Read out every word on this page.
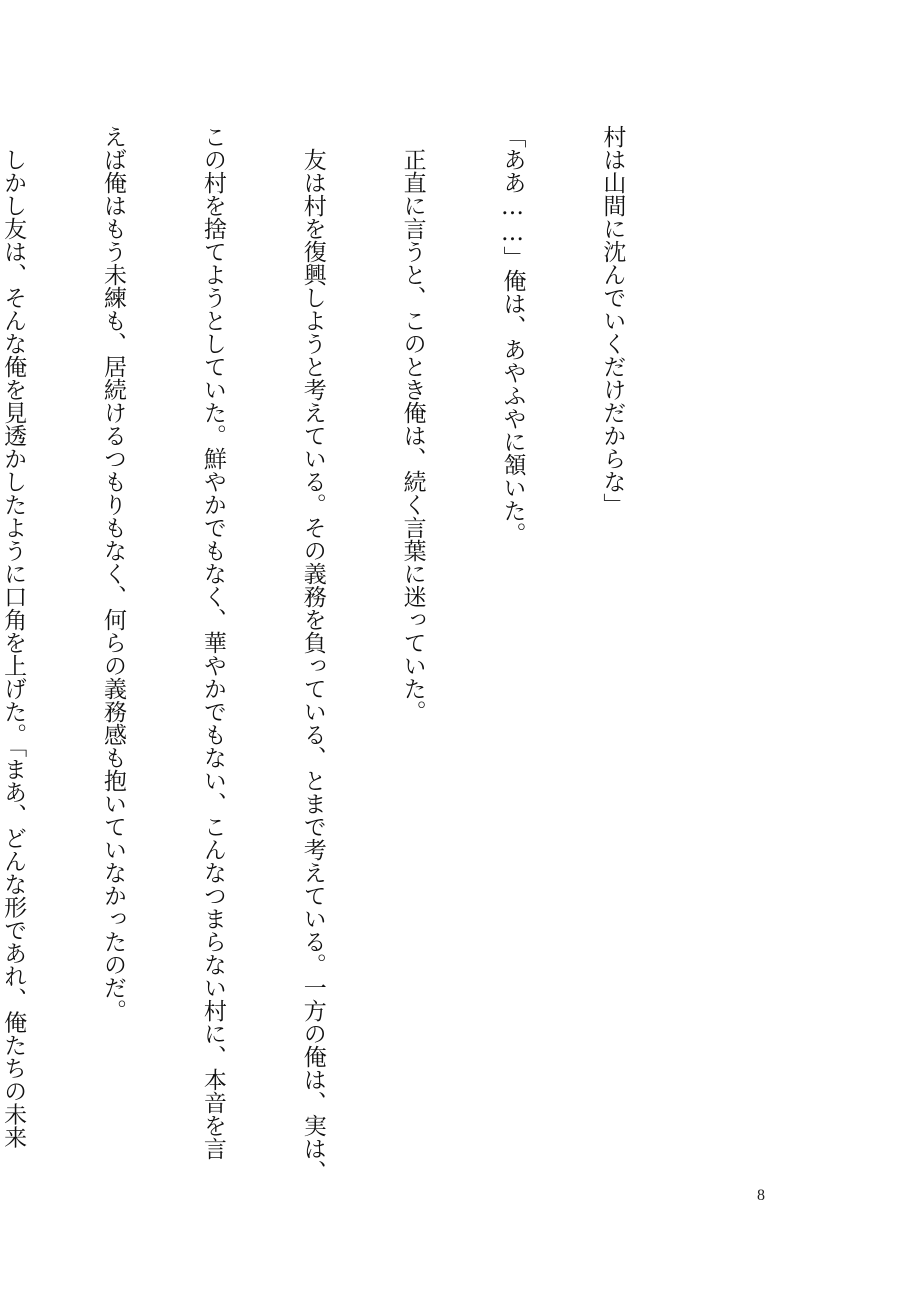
村は山間に沈んでいくだけだからな」

「ああ……」俺は、あやふやに頷いた。

　正直に言うと、このとき俺は、続く言葉に迷っていた。

　友は村を復興しようと考えている。その義務を負っている、とまで考えている。一方の俺は、実は、

この村を捨てようとしていた。鮮やかでもなく、華やかでもない、こんなつまらない村に、本音を言

えば俺はもう未練も、居続けるつもりもなく、何らの義務感も抱いていなかったのだ。

　しかし友は、そんな俺を見透かしたように口角を上げた。「まあ、どんな形であれ、俺たちの未来

8
